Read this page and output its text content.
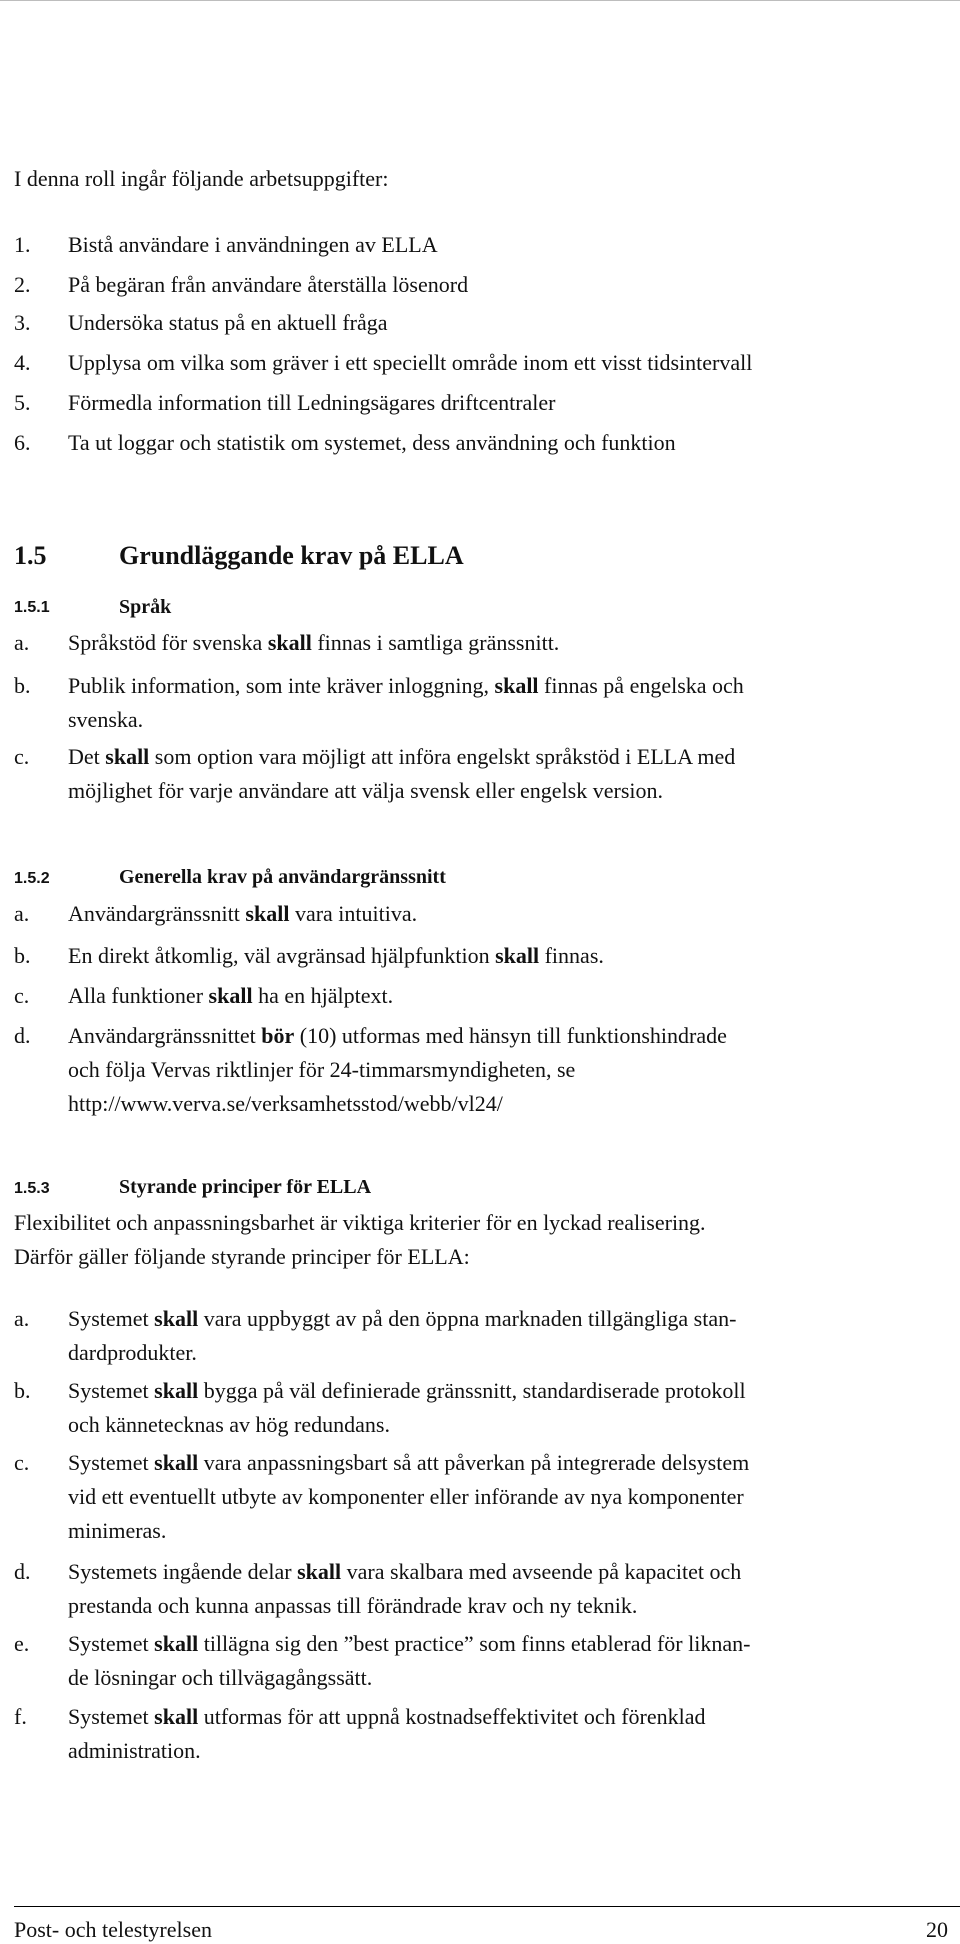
I denna roll ingår följande arbetsuppgifter:
1. Bistå användare i användningen av ELLA
2. På begäran från användare återställa lösenord
3. Undersöka status på en aktuell fråga
4. Upplysa om vilka som gräver i ett speciellt område inom ett visst tidsintervall
5. Förmedla information till Ledningsägares driftcentraler
6. Ta ut loggar och statistik om systemet, dess användning och funktion
1.5	Grundläggande krav på ELLA
1.5.1	Språk
a. Språkstöd för svenska skall finnas i samtliga gränssnitt.
b. Publik information, som inte kräver inloggning, skall finnas på engelska och
svenska.
c. Det skall som option vara möjligt att införa engelskt språkstöd i ELLA med
möjlighet för varje användare att välja svensk eller engelsk version.
1.5.2	Generella krav på användargränssnitt
a. Användargränssnitt skall vara intuitiva.
b. En direkt åtkomlig, väl avgränsad hjälpfunktion skall finnas.
c. Alla funktioner skall ha en hjälptext.
d. Användargränssnittet bör (10) utformas med hänsyn till funktionshindrade
och följa Vervas riktlinjer för 24-timmarsmyndigheten, se
http://www.verva.se/verksamhetsstod/webb/vl24/
1.5.3	Styrande principer för ELLA
Flexibilitet och anpassningsbarhet är viktiga kriterier för en lyckad realisering.
Därför gäller följande styrande principer för ELLA:
a. Systemet skall vara uppbyggt av på den öppna marknaden tillgängliga stan-
dardprodukter.
b. Systemet skall bygga på väl definierade gränssnitt, standardiserade protokoll
och kännetecknas av hög redundans.
c. Systemet skall vara anpassningsbart så att påverkan på integrerade delsystem
vid ett eventuellt utbyte av komponenter eller införande av nya komponenter
minimeras.
d. Systemets ingående delar skall vara skalbara med avseende på kapacitet och
prestanda och kunna anpassas till förändrade krav och ny teknik.
e. Systemet skall tillägna sig den ”best practice” som finns etablerad för liknan-
de lösningar och tillvägagångssätt.
f. Systemet skall utformas för att uppnå kostnadseffektivitet och förenklad
administration.
Post- och telestyrelsen	20
